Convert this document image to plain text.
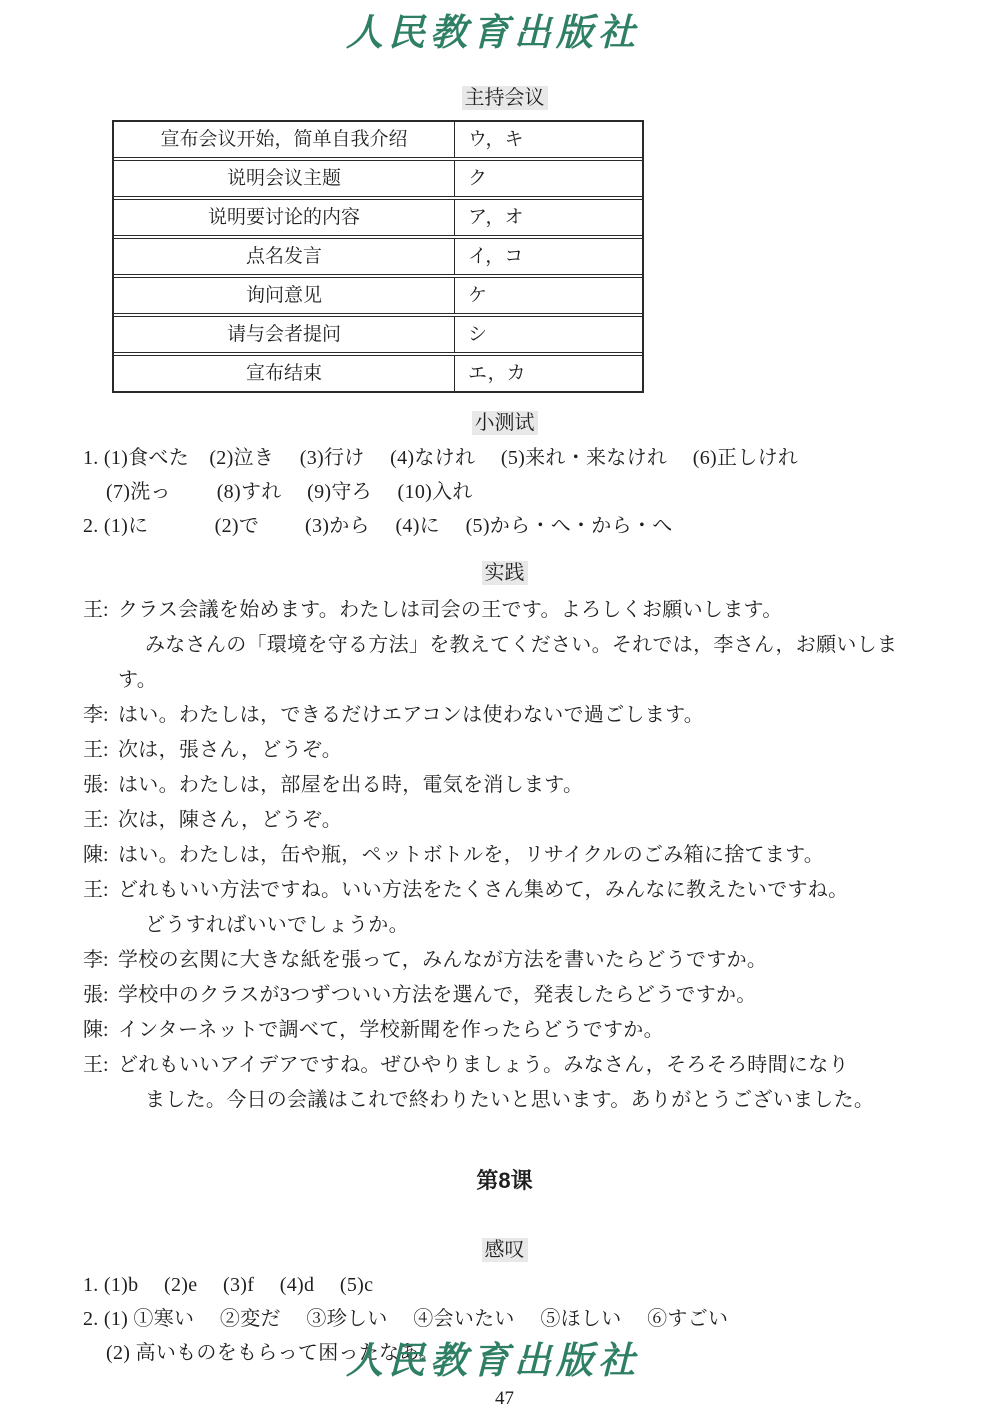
人民教育出版社
主持会议
宣布会议开始，简单自我介绍	ウ，キ
说明会议主题	ク
说明要讨论的内容	ア，オ
点名发言	イ，コ
询问意见	ケ
请与会者提问	シ
宣布结束	エ，カ
小测试
1. (1)食べた　(2)泣き　 (3)行け　 (4)なけれ　 (5)来れ・来なけれ　 (6)正しけれ
(7)洗っ　　 (8)すれ　 (9)守ろ　 (10)入れ
2. (1)に　　　 (2)で　　 (3)から　 (4)に　 (5)から・へ・から・へ
实践
王: クラス会議を始めます。わたしは司会の王です。よろしくお願いします。
みなさんの「環境を守る方法」を教えてください。それでは，李さん，お願いします。
李: はい。わたしは，できるだけエアコンは使わないで過ごします。
王: 次は，張さん，どうぞ。
張: はい。わたしは，部屋を出る時，電気を消します。
王: 次は，陳さん，どうぞ。
陳: はい。わたしは，缶や瓶，ペットボトルを，リサイクルのごみ箱に捨てます。
王: どれもいい方法ですね。いい方法をたくさん集めて，みんなに教えたいですね。
どうすればいいでしょうか。
李: 学校の玄関に大きな紙を張って，みんなが方法を書いたらどうですか。
張: 学校中のクラスが3つずついい方法を選んで，発表したらどうですか。
陳: インターネットで調べて，学校新聞を作ったらどうですか。
王: どれもいいアイデアですね。ぜひやりましょう。みなさん，そろそろ時間になり
ました。今日の会議はこれで終わりたいと思います。ありがとうございました。
第8课
感叹
1. (1)b　 (2)e　 (3)f　 (4)d　 (5)c
2. (1) ①寒い　 ②変だ　 ③珍しい　 ④会いたい　 ⑤ほしい　 ⑥すごい
(2) 高いものをもらって困ったなあ。
47
人民教育出版社
